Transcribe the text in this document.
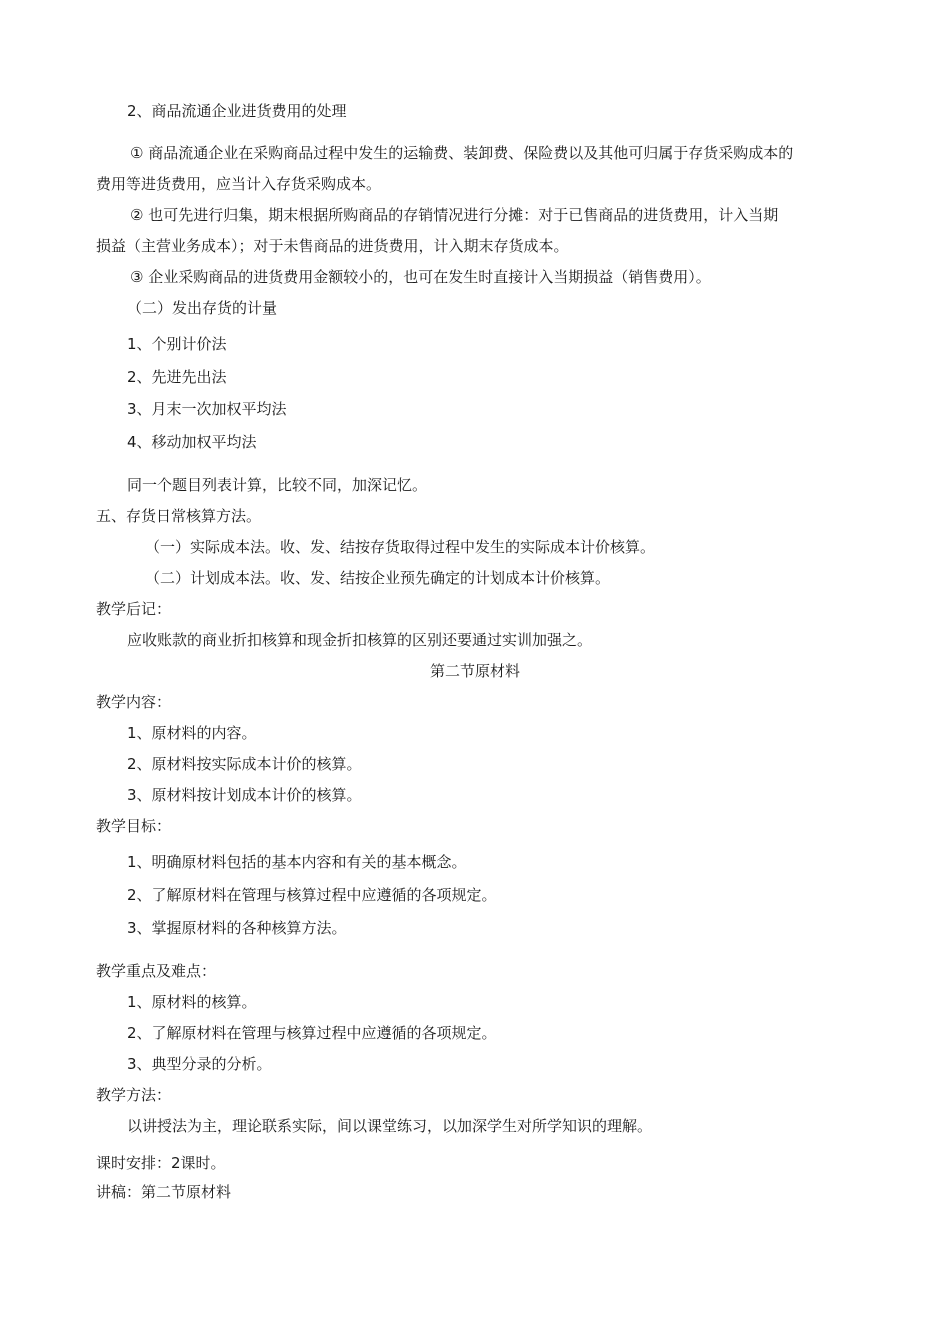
2、商品流通企业进货费用的处理
① 商品流通企业在采购商品过程中发生的运输费、装卸费、保险费以及其他可归属于存货采购成本的
费用等进货费用，应当计入存货采购成本。
② 也可先进行归集，期末根据所购商品的存销情况进行分摊：对于已售商品的进货费用，计入当期
损益（主营业务成本）；对于未售商品的进货费用，计入期末存货成本。
③ 企业采购商品的进货费用金额较小的，也可在发生时直接计入当期损益（销售费用）。
（二）发出存货的计量
1、个别计价法
2、先进先出法
3、月末一次加权平均法
4、移动加权平均法
同一个题目列表计算，比较不同，加深记忆。
五、存货日常核算方法。
（一）实际成本法。收、发、结按存货取得过程中发生的实际成本计价核算。
（二）计划成本法。收、发、结按企业预先确定的计划成本计价核算。
教学后记：
应收账款的商业折扣核算和现金折扣核算的区别还要通过实训加强之。
第二节原材料
教学内容：
1、原材料的内容。
2、原材料按实际成本计价的核算。
3、原材料按计划成本计价的核算。
教学目标：
1、明确原材料包括的基本内容和有关的基本概念。
2、了解原材料在管理与核算过程中应遵循的各项规定。
3、掌握原材料的各种核算方法。
教学重点及难点：
1、原材料的核算。
2、了解原材料在管理与核算过程中应遵循的各项规定。
3、典型分录的分析。
教学方法：
以讲授法为主，理论联系实际，间以课堂练习，以加深学生对所学知识的理解。
课时安排：2课时。
讲稿：第二节原材料
